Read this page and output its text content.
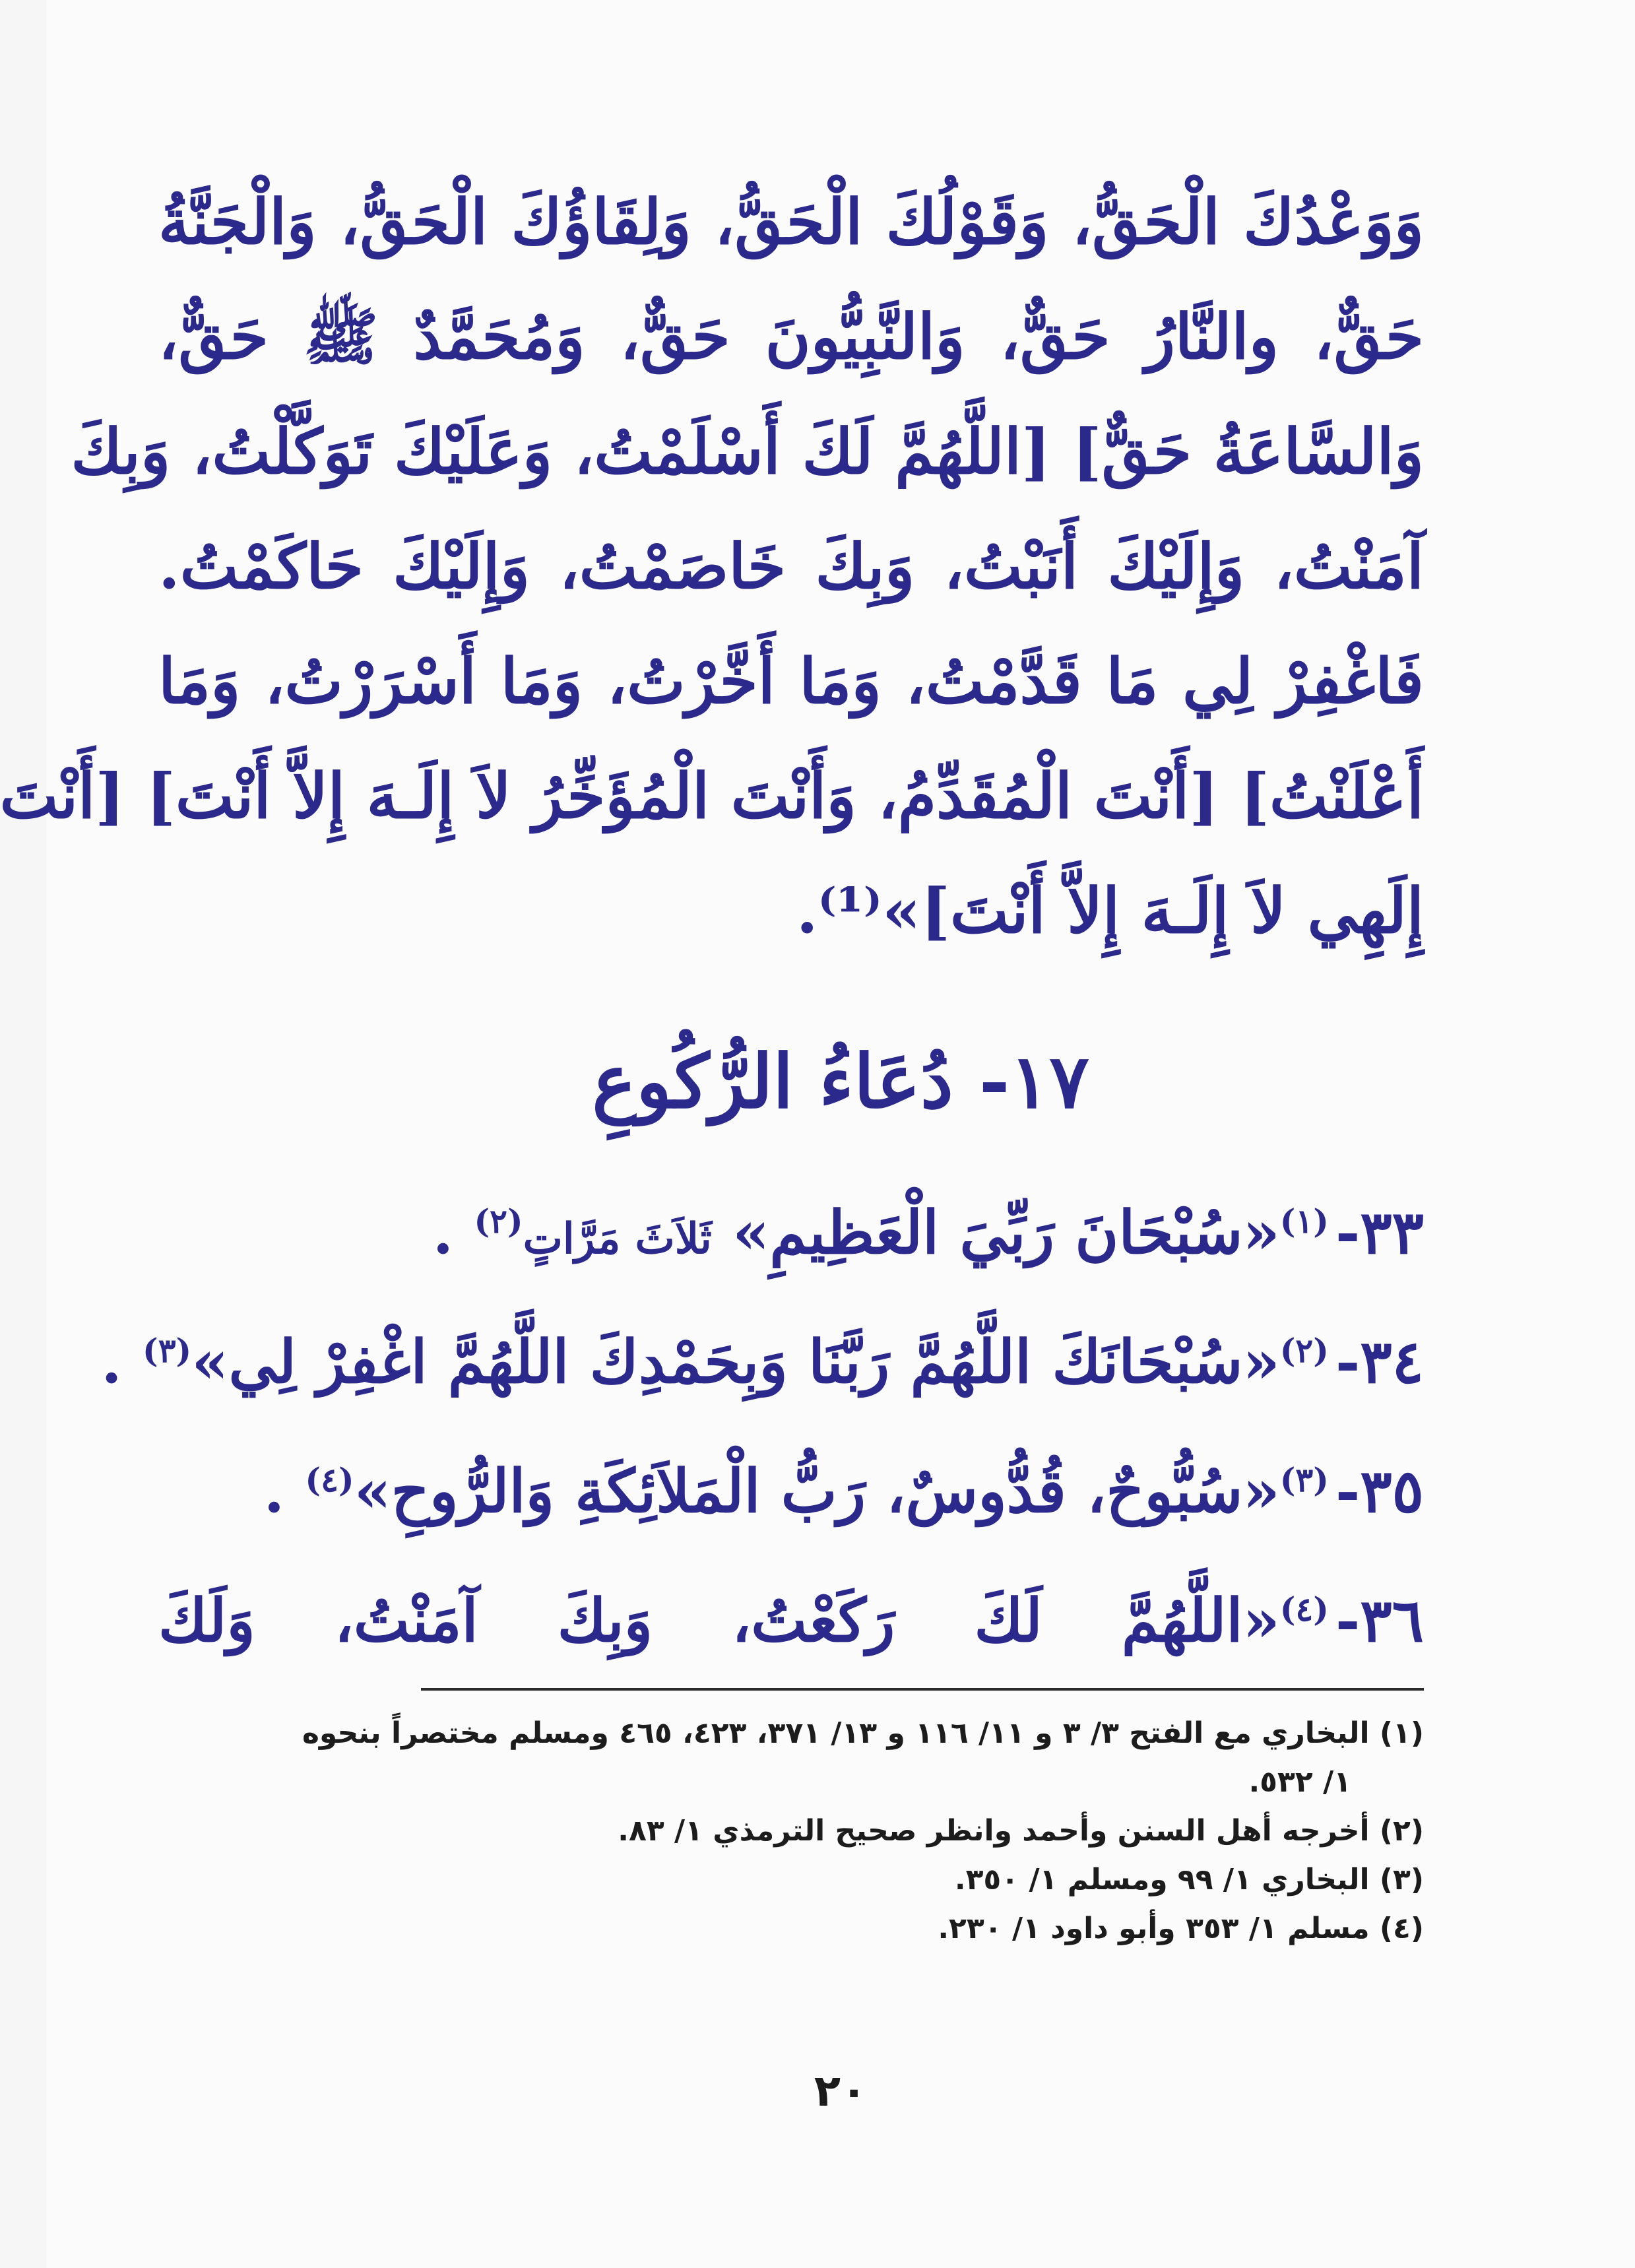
وَوَعْدُكَ الْحَقُّ، وَقَوْلُكَ الْحَقُّ، وَلِقَاؤُكَ الْحَقُّ، وَالْجَنَّةُ
حَقٌّ، والنَّارُ حَقٌّ، وَالنَّبِيُّونَ حَقٌّ، وَمُحَمَّدٌ ﷺ حَقٌّ،
وَالسَّاعَةُ حَقٌّ] [اللَّهُمَّ لَكَ أَسْلَمْتُ، وَعَلَيْكَ تَوَكَّلْتُ، وَبِكَ
آمَنْتُ، وَإِلَيْكَ أَنَبْتُ، وَبِكَ خَاصَمْتُ، وَإِلَيْكَ حَاكَمْتُ.
فَاغْفِرْ لِي مَا قَدَّمْتُ، وَمَا أَخَّرْتُ، وَمَا أَسْرَرْتُ، وَمَا
أَعْلَنْتُ] [أَنْتَ الْمُقَدِّمُ، وَأَنْتَ الْمُؤَخِّرُ لاَ إِلَـهَ إِلاَّ أَنْتَ] [أَنْتَ
إِلَهِي لاَ إِلَـهَ إِلاَّ أَنْتَ]»⁽¹⁾.
١٧- دُعَاءُ الرُّكُوعِ
٣٣-$^{(١)}$«سُبْحَانَ رَبِّيَ الْعَظِيمِ» ثَلاَثَ مَرَّاتٍ$^{(٢)}$ .
٣٤-$^{(٢)}$«سُبْحَانَكَ اللَّهُمَّ رَبَّنَا وَبِحَمْدِكَ اللَّهُمَّ اغْفِرْ لِي»$^{(٣)}$ .
٣٥-$^{(٣)}$«سُبُّوحٌ، قُدُّوسٌ، رَبُّ الْمَلاَئِكَةِ وَالرُّوحِ»$^{(٤)}$ .
٣٦-$^{(٤)}$«اللَّهُمَّ لَكَ رَكَعْتُ، وَبِكَ آمَنْتُ، وَلَكَ
(١) البخاري مع الفتح ٣/ ٣ و ١١/ ١١٦ و ١٣/ ٣٧١، ٤٢٣، ٤٦٥ ومسلم مختصراً بنحوه
١/ ٥٣٢.
(٢) أخرجه أهل السنن وأحمد وانظر صحيح الترمذي ١/ ٨٣.
(٣) البخاري ١/ ٩٩ ومسلم ١/ ٣٥٠.
(٤) مسلم ١/ ٣٥٣ وأبو داود ١/ ٢٣٠.
٢٠
